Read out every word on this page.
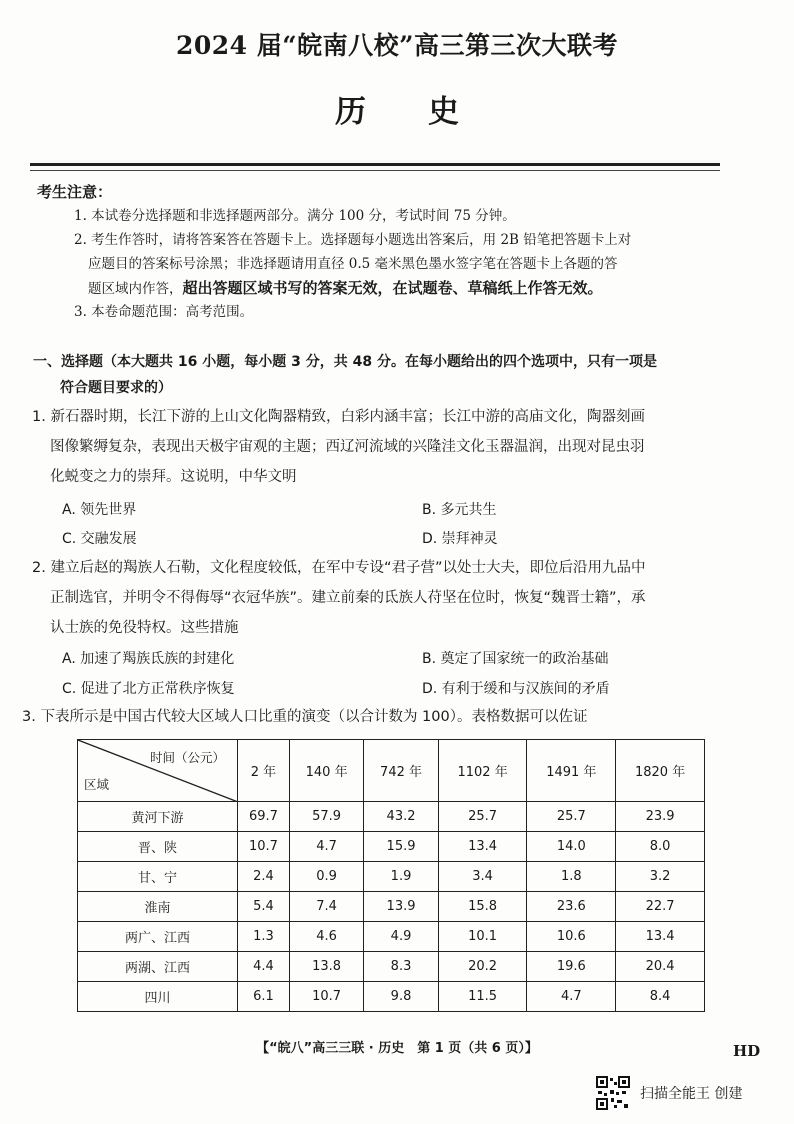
2024 届“皖南八校”高三第三次大联考
历史
考生注意：
1. 本试卷分选择题和非选择题两部分。满分 100 分，考试时间 75 分钟。
2. 考生作答时，请将答案答在答题卡上。选择题每小题选出答案后，用 2B 铅笔把答题卡上对
应题目的答案标号涂黑；非选择题请用直径 0.5 毫米黑色墨水签字笔在答题卡上各题的答
题区域内作答，超出答题区域书写的答案无效，在试题卷、草稿纸上作答无效。
3. 本卷命题范围：高考范围。
一、选择题（本大题共 16 小题，每小题 3 分，共 48 分。在每小题给出的四个选项中，只有一项是
符合题目要求的）
1. 新石器时期，长江下游的上山文化陶器精致，白彩内涵丰富；长江中游的高庙文化，陶器刻画
图像繁缛复杂，表现出天极宇宙观的主题；西辽河流域的兴隆洼文化玉器温润，出现对昆虫羽
化蜕变之力的崇拜。这说明，中华文明
A. 领先世界	B. 多元共生
C. 交融发展	D. 崇拜神灵
2. 建立后赵的羯族人石勒，文化程度较低，在军中专设“君子营”以处士大夫，即位后沿用九品中
正制选官，并明令不得侮辱“衣冠华族”。建立前秦的氐族人苻坚在位时，恢复“魏晋士籍”，承
认士族的免役特权。这些措施
A. 加速了羯族氐族的封建化	B. 奠定了国家统一的政治基础
C. 促进了北方正常秩序恢复	D. 有利于缓和与汉族间的矛盾
3. 下表所示是中国古代较大区域人口比重的演变（以合计数为 100）。表格数据可以佐证
时间（公元）
区域	2 年	140 年	742 年	1102 年	1491 年	1820 年
黄河下游	69.7	57.9	43.2	25.7	25.7	23.9
晋、陕	10.7	4.7	15.9	13.4	14.0	8.0
甘、宁	2.4	0.9	1.9	3.4	1.8	3.2
淮南	5.4	7.4	13.9	15.8	23.6	22.7
两广、江西	1.3	4.6	4.9	10.1	10.6	13.4
两湖、江西	4.4	13.8	8.3	20.2	19.6	20.4
四川	6.1	10.7	9.8	11.5	4.7	8.4
【“皖八”高三三联 · 历史　第 1 页（共 6 页）】	HD
扫描全能王 创建
